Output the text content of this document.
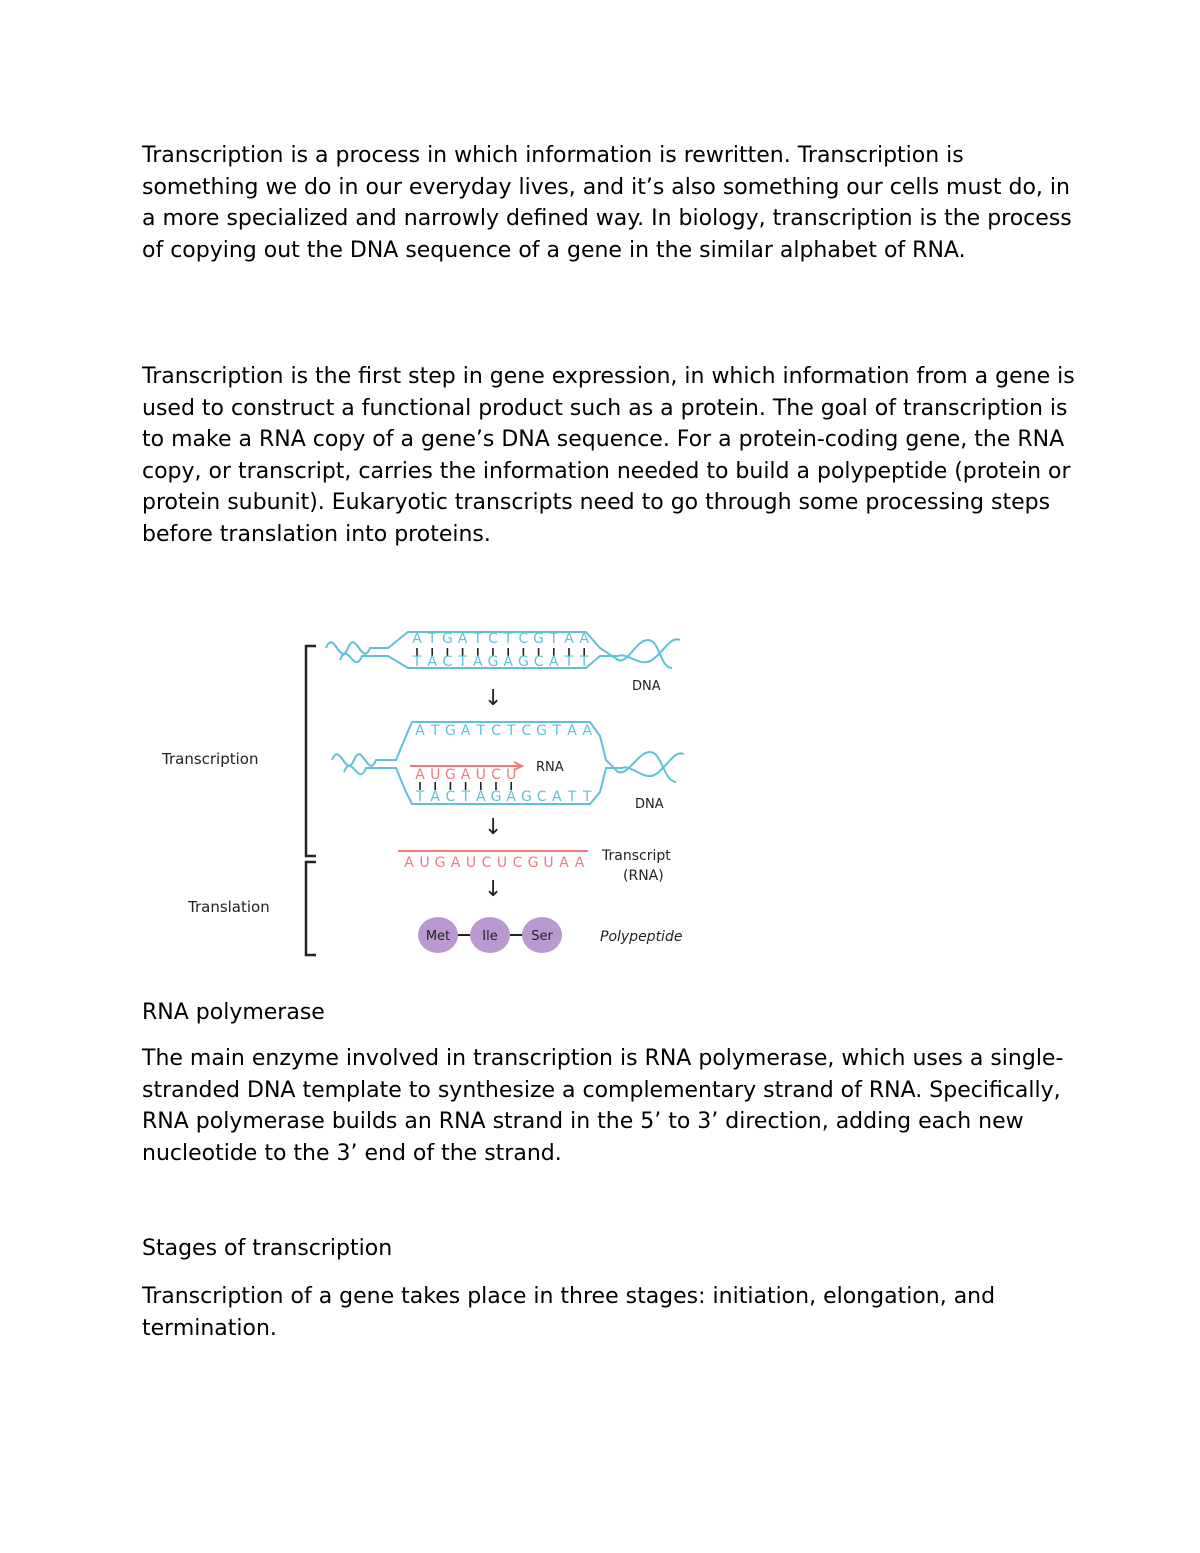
Transcription is a process in which information is rewritten. Transcription is something we do in our everyday lives, and it’s also something our cells must do, in a more specialized and narrowly defined way. In biology, transcription is the process of copying out the DNA sequence of a gene in the similar alphabet of RNA.

Transcription is the first step in gene expression, in which information from a gene is used to construct a functional product such as a protein. The goal of transcription is to make a RNA copy of a gene’s DNA sequence. For a protein-coding gene, the RNA copy, or transcript, carries the information needed to build a polypeptide (protein or protein subunit). Eukaryotic transcripts need to go through some processing steps before translation into proteins.

Transcription
Translation
A T G A T C T C G T A A
T A C T A G A G C A T T
DNA
↓
A T G A T C T C G T A A
A U G A U C U
T A C T A G A G C A T T
RNA
DNA
↓
A U G A U C U C G U A A Transcript
(RNA)
↓
Met Ile	Ser	Polypeptide
RNA polymerase

The main enzyme involved in transcription is RNA polymerase, which uses a single-stranded DNA template to synthesize a complementary strand of RNA. Specifically, RNA polymerase builds an RNA strand in the 5’ to 3’ direction, adding each new nucleotide to the 3’ end of the strand.

Stages of transcription

Transcription of a gene takes place in three stages: initiation, elongation, and termination.
